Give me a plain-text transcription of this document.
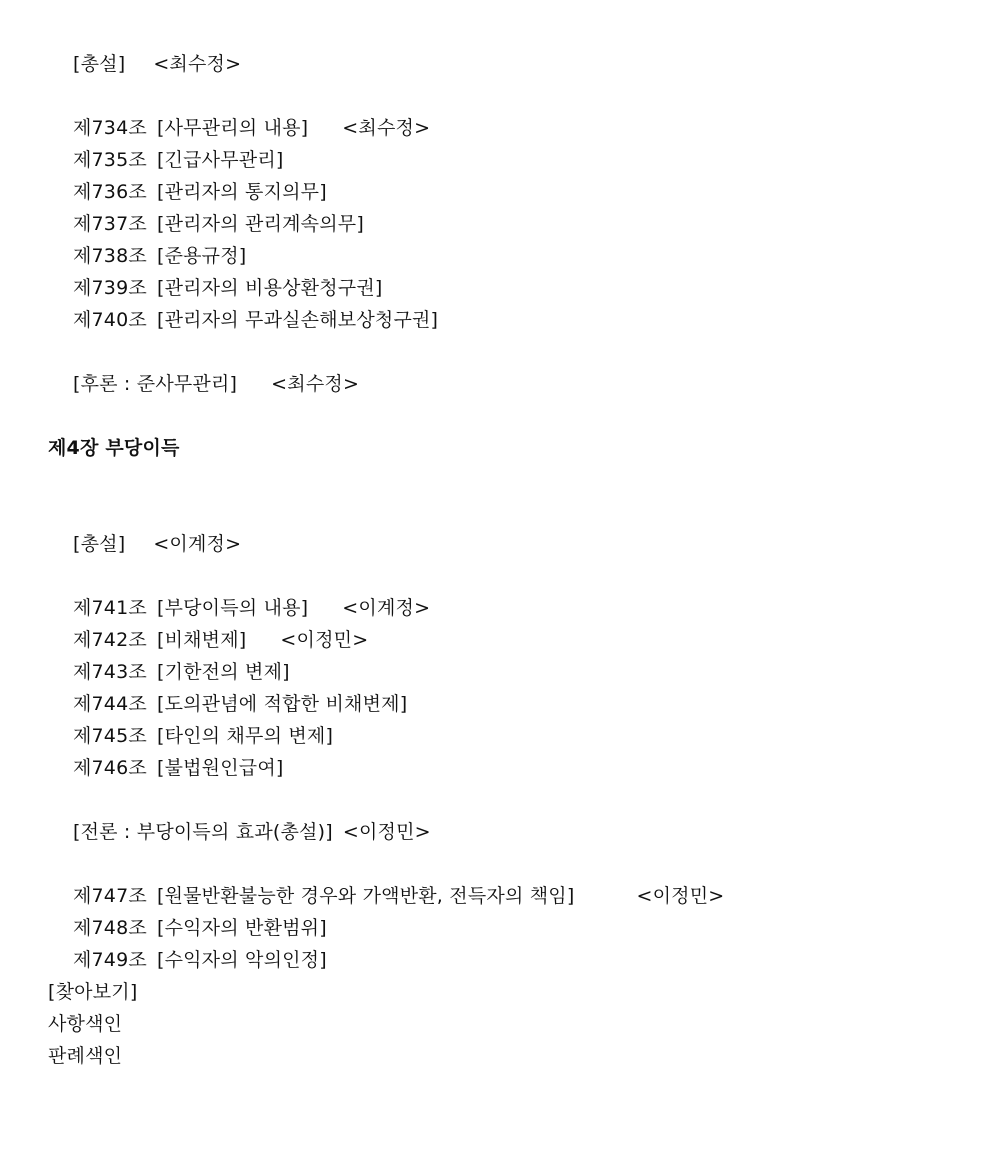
[총설] <최수정>

제734조 [사무관리의 내용] <최수정>

제735조 [긴급사무관리]

제736조 [관리자의 통지의무]

제737조 [관리자의 관리계속의무]

제738조 [준용규정]

제739조 [관리자의 비용상환청구권]

제740조 [관리자의 무과실손해보상청구권]

[후론 : 준사무관리] <최수정>

제4장 부당이득

[총설] <이계정>

제741조 [부당이득의 내용] <이계정>

제742조 [비채변제] <이정민>

제743조 [기한전의 변제]

제744조 [도의관념에 적합한 비채변제]

제745조 [타인의 채무의 변제]

제746조 [불법원인급여]

[전론 : 부당이득의 효과(총설)] <이정민>

제747조 [원물반환불능한 경우와 가액반환, 전득자의 책임]	<이정민>

제748조 [수익자의 반환범위]

제749조 [수익자의 악의인정]

[찾아보기]
사항색인
판례색인
